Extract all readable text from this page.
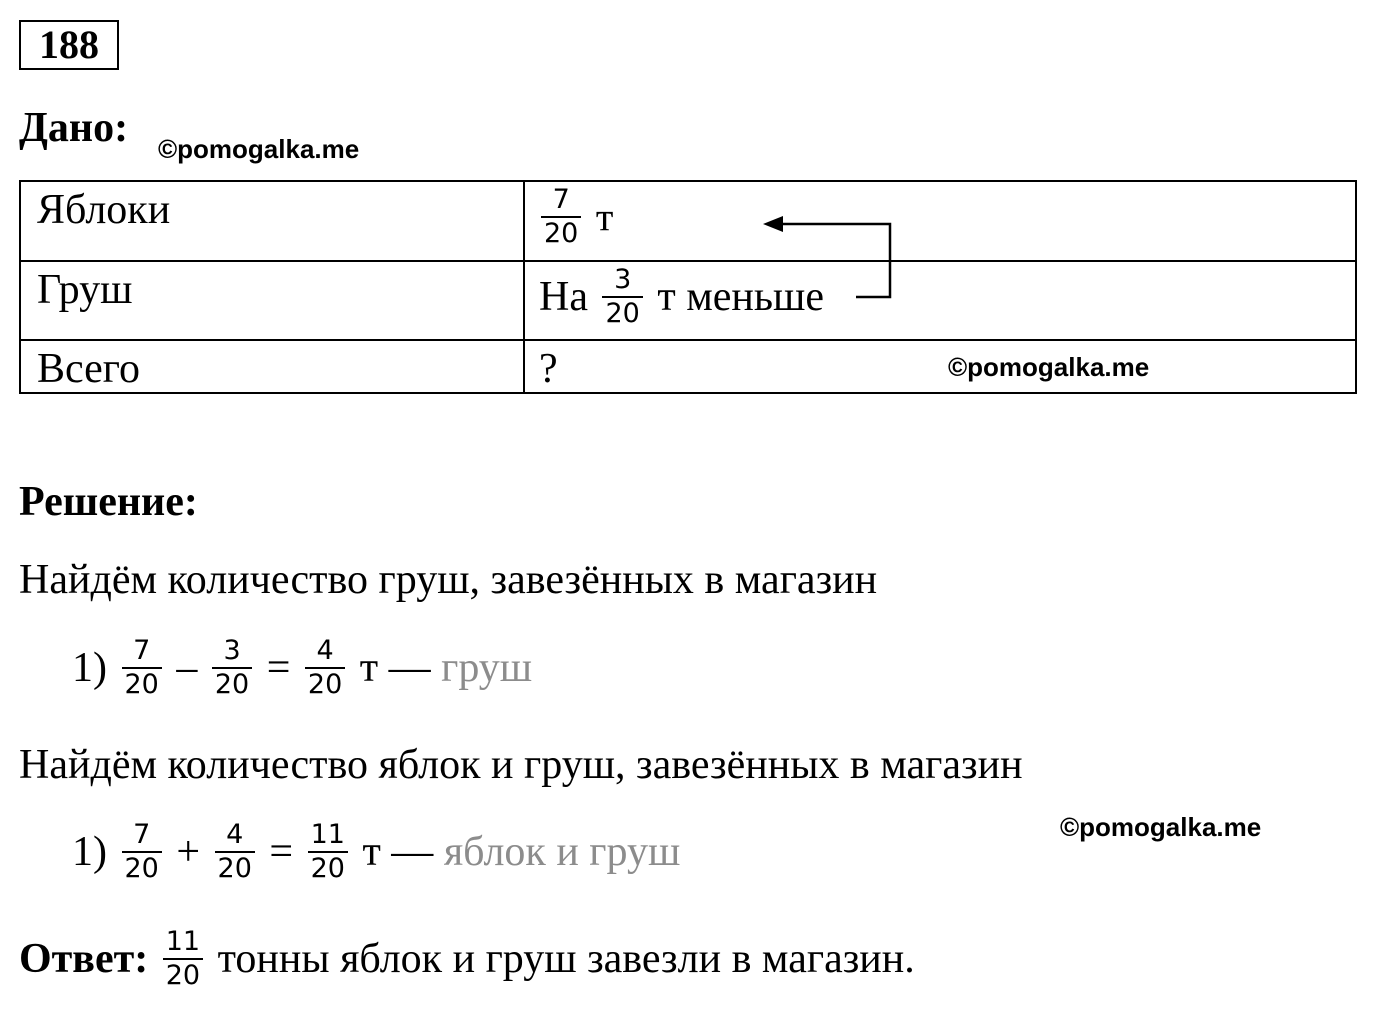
188
Дано: ©pomogalka.me
Яблоки	$\frac{7}{20}$ т

Груш	На $\frac{3}{20}$ т меньше

Всего	?	©pomogalka.me
Решение:
Найдём количество груш, завезённых в магазин
$1) \frac{7}{20} - \frac{3}{20} = \frac{4}{20}$ т — груш
Найдём количество яблок и груш, завезённых в магазин
$1) \frac{7}{20} + \frac{4}{20} = \frac{11}{20}$ т — яблок и груш
©pomogalka.me
Ответ: $\frac{11}{20}$ тонны яблок и груш завезли в магазин.
